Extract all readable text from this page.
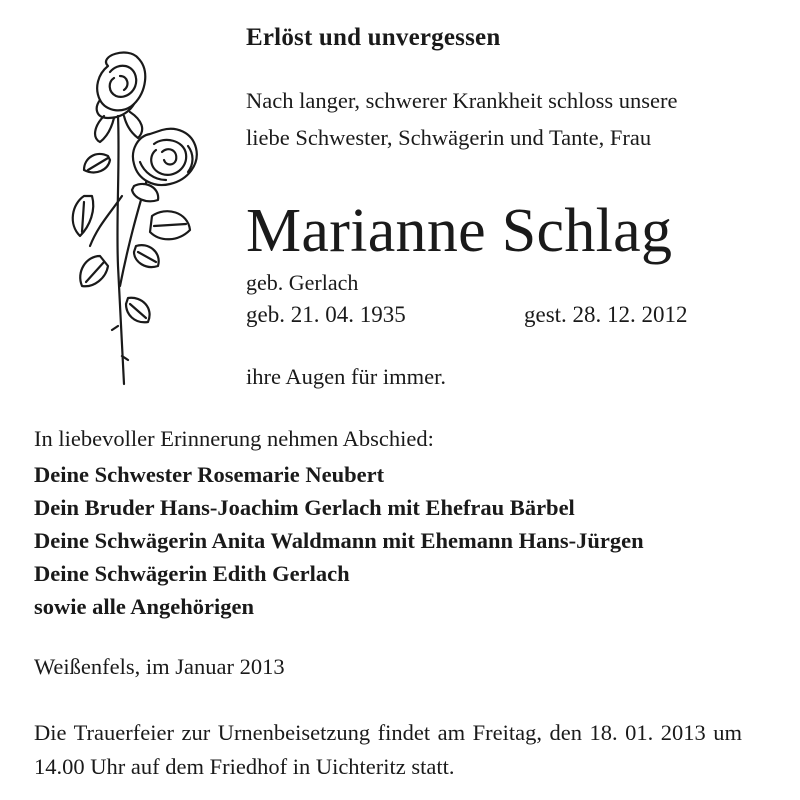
Erlöst und unvergessen
Nach langer, schwerer Krankheit schloss unsere
liebe Schwester, Schwägerin und Tante, Frau
Marianne Schlag
geb. Gerlach
geb. 21. 04. 1935	gest. 28. 12. 2012
ihre Augen für immer.
In liebevoller Erinnerung nehmen Abschied:
Deine Schwester Rosemarie Neubert
Dein Bruder Hans-Joachim Gerlach mit Ehefrau Bärbel
Deine Schwägerin Anita Waldmann mit Ehemann Hans-Jürgen
Deine Schwägerin Edith Gerlach
sowie alle Angehörigen
Weißenfels, im Januar 2013
Die Trauerfeier zur Urnenbeisetzung findet am Freitag, den 18. 01. 2013 um 14.00 Uhr auf dem Friedhof in Uichteritz statt.
